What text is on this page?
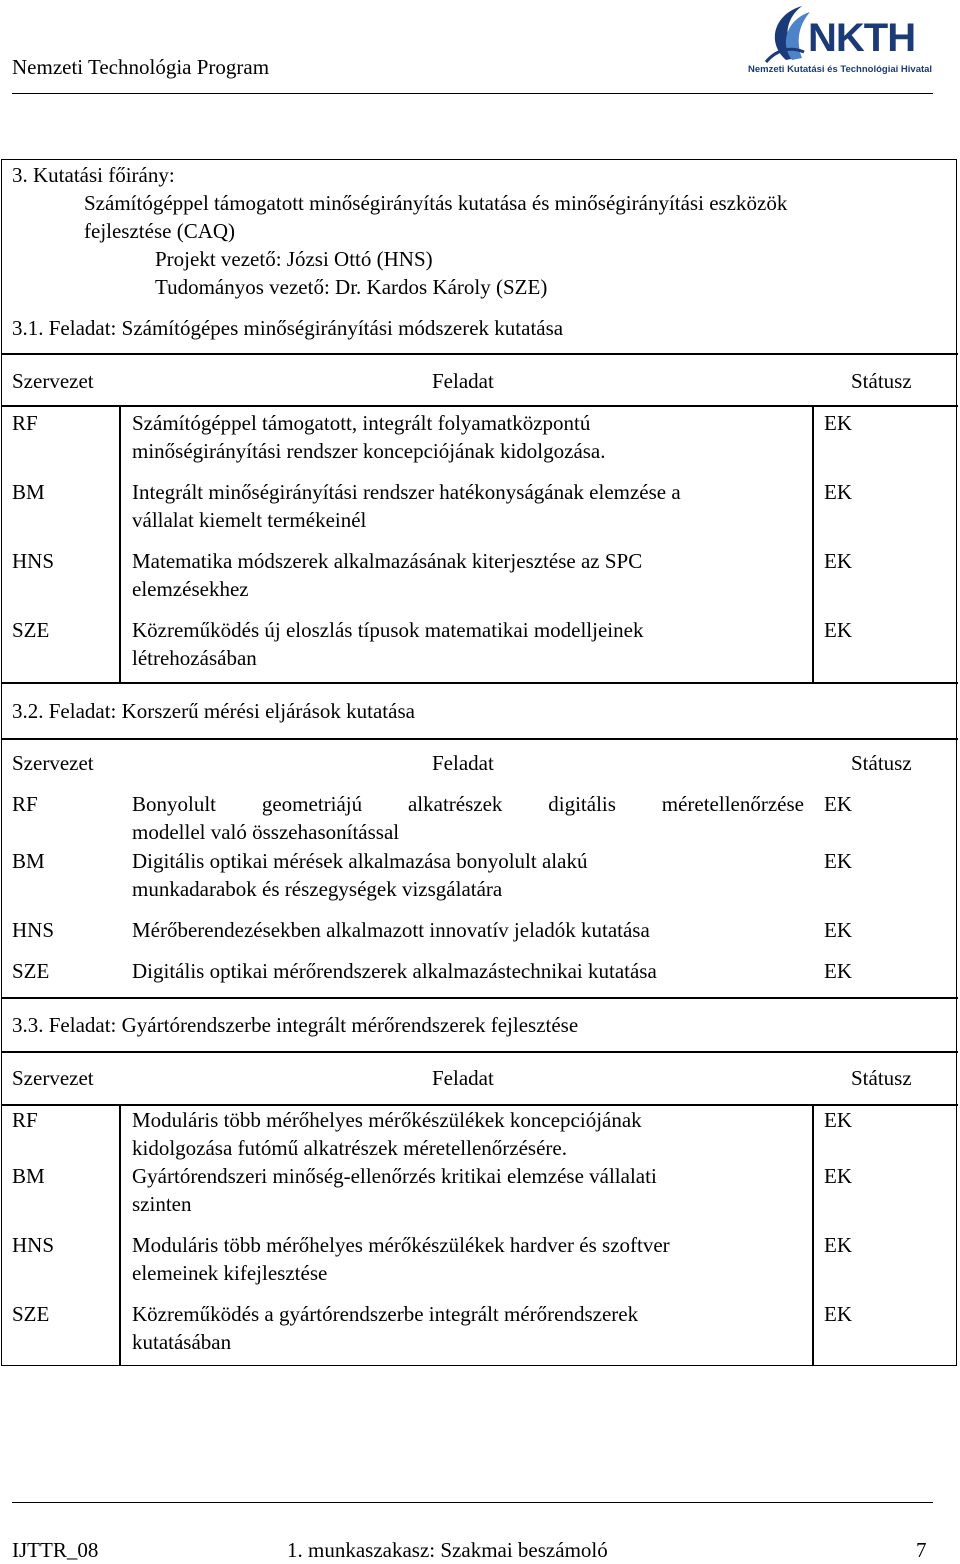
Nemzeti Technológia Program
NKTH
Nemzeti Kutatási és Technológiai Hivatal
3. Kutatási főirány:
Számítógéppel támogatott minőségirányítás kutatása és minőségirányítási eszközök
fejlesztése (CAQ)
Projekt vezető: Józsi Ottó (HNS)
Tudományos vezető: Dr. Kardos Károly (SZE)
3.1. Feladat: Számítógépes minőségirányítási módszerek kutatása
Szervezet	Feladat	Státusz
RF	Számítógéppel támogatott, integrált folyamatközpontú
minőségirányítási rendszer koncepciójának kidolgozása.
EK
BM	Integrált minőségirányítási rendszer hatékonyságának elemzése a
vállalat kiemelt termékeinél
EK
HNS	Matematika módszerek alkalmazásának kiterjesztése az SPC
elemzésekhez
EK
SZE	Közreműködés új eloszlás típusok matematikai modelljeinek
létrehozásában
EK
3.2. Feladat: Korszerű mérési eljárások kutatása
Szervezet	Feladat	Státusz
RF	Bonyolult geometriájú alkatrészek digitális méretellenőrzése
modellel való összehasonítással
EK
BM	Digitális optikai mérések alkalmazása bonyolult alakú
munkadarabok és részegységek vizsgálatára
EK
HNS	Mérőberendezésekben alkalmazott innovatív jeladók kutatása	EK
SZE	Digitális optikai mérőrendszerek alkalmazástechnikai kutatása	EK
3.3. Feladat: Gyártórendszerbe integrált mérőrendszerek fejlesztése
Szervezet	Feladat	Státusz
RF	Moduláris több mérőhelyes mérőkészülékek koncepciójának
kidolgozása futómű alkatrészek méretellenőrzésére.
EK
BM	Gyártórendszeri minőség-ellenőrzés kritikai elemzése vállalati
szinten
EK
HNS	Moduláris több mérőhelyes mérőkészülékek hardver és szoftver
elemeinek kifejlesztése
EK
SZE	Közreműködés a gyártórendszerbe integrált mérőrendszerek
kutatásában
EK
IJTTR_08	1. munkaszakasz: Szakmai beszámoló	7
